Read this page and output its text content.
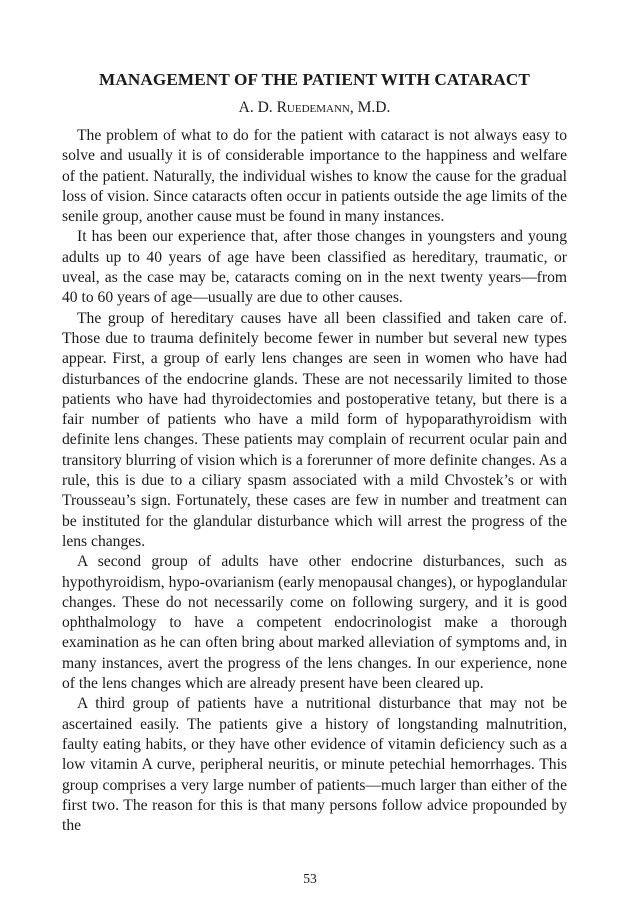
MANAGEMENT OF THE PATIENT WITH CATARACT
A. D. Ruedemann, M.D.

The problem of what to do for the patient with cataract is not always easy to solve and usually it is of considerable importance to the happiness and welfare of the patient. Naturally, the individual wishes to know the cause for the gradual loss of vision. Since cataracts often occur in patients outside the age limits of the senile group, another cause must be found in many instances.

It has been our experience that, after those changes in youngsters and young adults up to 40 years of age have been classified as hereditary, traumatic, or uveal, as the case may be, cataracts coming on in the next twenty years—from 40 to 60 years of age—usually are due to other causes.

The group of hereditary causes have all been classified and taken care of. Those due to trauma definitely become fewer in number but several new types appear. First, a group of early lens changes are seen in women who have had disturbances of the endocrine glands. These are not necessarily limited to those patients who have had thyroidectomies and postoperative tetany, but there is a fair number of patients who have a mild form of hypoparathyroidism with definite lens changes. These patients may complain of recurrent ocular pain and transitory blurring of vision which is a forerunner of more definite changes. As a rule, this is due to a ciliary spasm associated with a mild Chvostek’s or with Trousseau’s sign. Fortunately, these cases are few in number and treatment can be instituted for the glandular disturbance which will arrest the progress of the lens changes.

A second group of adults have other endocrine disturbances, such as hypothyroidism, hypo-ovarianism (early menopausal changes), or hypoglandular changes. These do not necessarily come on following surgery, and it is good ophthalmology to have a competent endocrinologist make a thorough examination as he can often bring about marked alleviation of symptoms and, in many instances, avert the progress of the lens changes. In our experience, none of the lens changes which are already present have been cleared up.

A third group of patients have a nutritional disturbance that may not be ascertained easily. The patients give a history of longstanding malnutrition, faulty eating habits, or they have other evidence of vitamin deficiency such as a low vitamin A curve, peripheral neuritis, or minute petechial hemorrhages. This group comprises a very large number of patients—much larger than either of the first two. The reason for this is that many persons follow advice propounded by the

53
